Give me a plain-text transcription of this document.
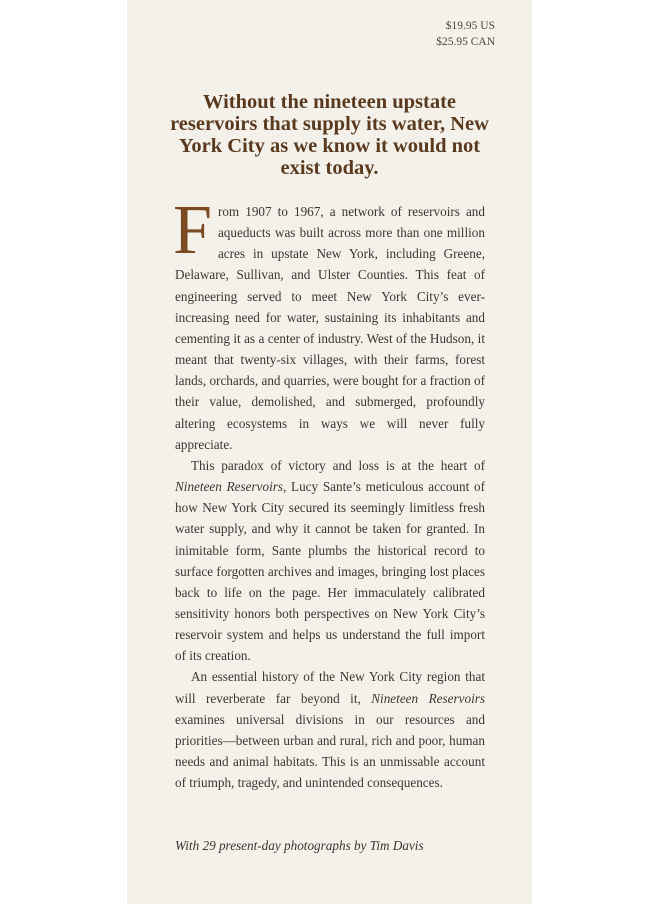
$19.95 US
$25.95 CAN
Without the nineteen upstate reservoirs that supply its water, New York City as we know it would not exist today.

From 1907 to 1967, a network of reservoirs and aqueducts was built across more than one million acres in upstate New York, including Greene, Delaware, Sullivan, and Ulster Counties. This feat of engineering served to meet New York City’s ever-increasing need for water, sustaining its inhabitants and cementing it as a center of industry. West of the Hudson, it meant that twenty-six villages, with their farms, forest lands, orchards, and quarries, were bought for a fraction of their value, demolished, and submerged, profoundly altering ecosystems in ways we will never fully appreciate.

This paradox of victory and loss is at the heart of Nineteen Reservoirs, Lucy Sante’s meticulous account of how New York City secured its seemingly limitless fresh water supply, and why it cannot be taken for granted. In inimitable form, Sante plumbs the historical record to surface forgotten archives and images, bringing lost places back to life on the page. Her immaculately calibrated sensitivity honors both perspectives on New York City’s reservoir system and helps us understand the full import of its creation.

An essential history of the New York City region that will reverberate far beyond it, Nineteen Reservoirs examines universal divisions in our resources and priorities—between urban and rural, rich and poor, human needs and animal habitats. This is an unmissable account of triumph, tragedy, and unintended consequences.

With 29 present-day photographs by Tim Davis
